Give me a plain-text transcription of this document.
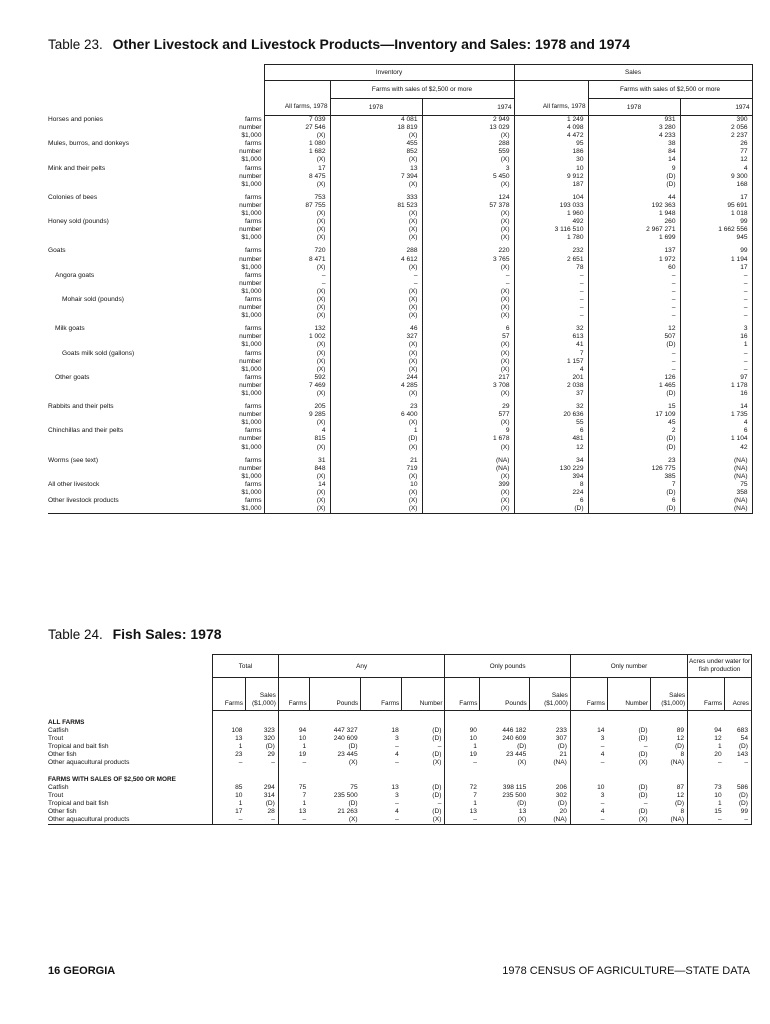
Table 23. Other Livestock and Livestock Products—Inventory and Sales: 1978 and 1974
		Inventory			Sales		
			Farms with sales of $2,500 or more			Farms with sales of $2,500 or more	
		All farms, 1978	1978	1974	All farms, 1978	1978	1974
Horses and ponies	farms	7 039	4 081	2 949	1 249	931	390
	number	27 546	18 819	13 029	4 098	3 280	2 056
	$1,000	(X)	(X)	(X)	4 472	4 233	2 237
Mules, burros, and donkeys	farms	1 080	455	288	95	38	26
	number	1 682	852	559	186	84	77
	$1,000	(X)	(X)	(X)	30	14	12
Mink and their pelts	farms	17	13	3	10	9	4
	number	8 475	7 394	5 450	9 912	(D)	9 300
	$1,000	(X)	(X)	(X)	187	(D)	168

Colonies of bees	farms	753	333	124	104	44	17
	number	87 755	81 523	57 378	193 033	192 363	95 691
	$1,000	(X)	(X)	(X)	1 960	1 948	1 018
Honey sold (pounds)	farms	(X)	(X)	(X)	492	260	99
	number	(X)	(X)	(X)	3 116 510	2 967 271	1 662 556
	$1,000	(X)	(X)	(X)	1 780	1 699	945

Goats	farms	720	288	220	232	137	99
	number	8 471	4 612	3 765	2 651	1 972	1 194
	$1,000	(X)	(X)	(X)	78	60	17
Angora goats	farms	–	–	–	–	–	–
	number	–	–	–	–	–	–
	$1,000	(X)	(X)	(X)	–	–	–
Mohair sold (pounds)	farms	(X)	(X)	(X)	–	–	–
	number	(X)	(X)	(X)	–	–	–
	$1,000	(X)	(X)	(X)	–	–	–

Milk goats	farms	132	46	6	32	12	3
	number	1 002	327	57	613	507	16
	$1,000	(X)	(X)	(X)	41	(D)	1
Goats milk sold (gallons)	farms	(X)	(X)	(X)	7	–	–
	number	(X)	(X)	(X)	1 157	–	–
	$1,000	(X)	(X)	(X)	4	–	–
Other goats	farms	592	244	217	201	126	97
	number	7 469	4 285	3 708	2 038	1 465	1 178
	$1,000	(X)	(X)	(X)	37	(D)	16

Rabbits and their pelts	farms	205	23	29	32	15	14
	number	9 285	6 400	577	20 636	17 109	1 735
	$1,000	(X)	(X)	(X)	55	45	4
Chinchillas and their pelts	farms	4	1	9	6	2	6
	number	815	(D)	1 678	481	(D)	1 104
	$1,000	(X)	(X)	(X)	12	(D)	42

Worms (see text)	farms	31	21	(NA)	34	23	(NA)
	number	848	719	(NA)	130 229	126 775	(NA)
	$1,000	(X)	(X)	(X)	394	385	(NA)
All other livestock	farms	14	10	399	8	7	75
	$1,000	(X)	(X)	(X)	224	(D)	358
Other livestock products	farms	(X)	(X)	(X)	6	6	(NA)
	$1,000	(X)	(X)	(X)	(D)	(D)	(NA)
Table 24. Fish Sales: 1978
	Total		Any				Only pounds			Only number			Acres under water for fish production	
	Farms	Sales ($1,000)	Farms	Pounds	Farms	Number	Farms	Pounds	Sales ($1,000)	Farms	Number	Sales ($1,000)	Farms	Acres

ALL FARMS														
Catfish	108	323	94	447 327	18	(D)	90	446 182	233	14	(D)	89	94	683
Trout	13	320	10	240 609	3	(D)	10	240 609	307	3	(D)	12	12	54
Tropical and bait fish	1	(D)	1	(D)	–	–	1	(D)	(D)	–	–	(D)	1	(D)
Other fish	23	29	19	23 445	4	(D)	19	23 445	21	4	(D)	8	20	143
Other aquacultural products	–	–	–	(X)	–	(X)	–	(X)	(NA)	–	(X)	(NA)	–	–

FARMS WITH SALES OF $2,500 OR MORE														
Catfish	85	294	75	75	13	(D)	72	398 115	206	10	(D)	87	73	586
Trout	10	314	7	235 500	3	(D)	7	235 500	302	3	(D)	12	10	(D)
Tropical and bait fish	1	(D)	1	(D)	–	–	1	(D)	(D)	–	–	(D)	1	(D)
Other fish	17	28	13	21 263	4	(D)	13	13	20	4	(D)	8	15	99
Other aquacultural products	–	–	–	(X)	–	(X)	–	(X)	(NA)	–	(X)	(NA)	–	–
16 GEORGIA	1978 CENSUS OF AGRICULTURE—STATE DATA
